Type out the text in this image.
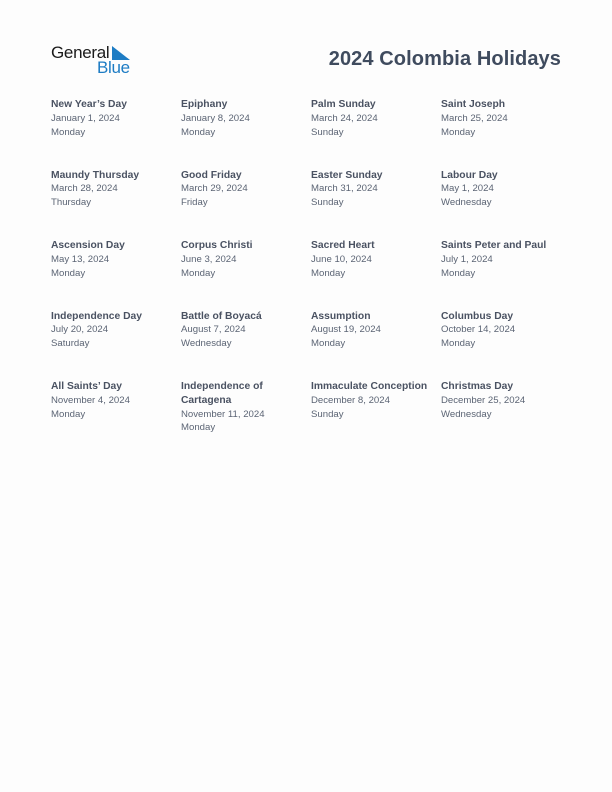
General
Blue	2024 Colombia Holidays
New Year’s Day
January 1, 2024
Monday
Epiphany
January 8, 2024
Monday
Palm Sunday
March 24, 2024
Sunday
Saint Joseph
March 25, 2024
Monday
Maundy Thursday
March 28, 2024
Thursday
Good Friday
March 29, 2024
Friday
Easter Sunday
March 31, 2024
Sunday
Labour Day
May 1, 2024
Wednesday
Ascension Day
May 13, 2024
Monday
Corpus Christi
June 3, 2024
Monday
Sacred Heart
June 10, 2024
Monday
Saints Peter and Paul
July 1, 2024
Monday
Independence Day
July 20, 2024
Saturday
Battle of Boyacá
August 7, 2024
Wednesday
Assumption
August 19, 2024
Monday
Columbus Day
October 14, 2024
Monday
All Saints’ Day
November 4, 2024
Monday
Independence of Cartagena
November 11, 2024
Monday
Immaculate Conception
December 8, 2024
Sunday
Christmas Day
December 25, 2024
Wednesday
